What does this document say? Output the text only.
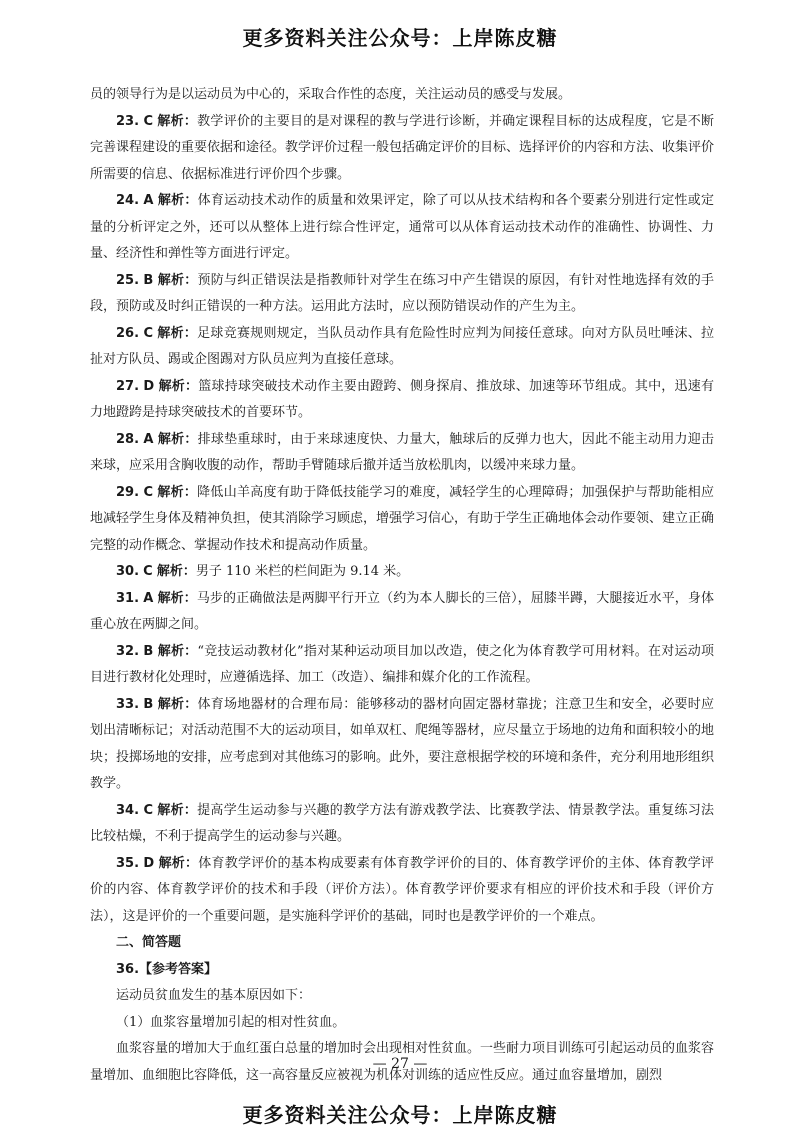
更多资料关注公众号：上岸陈皮糖

员的领导行为是以运动员为中心的，采取合作性的态度，关注运动员的感受与发展。

23. C 解析：教学评价的主要目的是对课程的教与学进行诊断，并确定课程目标的达成程度，它是不断完善课程建设的重要依据和途径。教学评价过程一般包括确定评价的目标、选择评价的内容和方法、收集评价所需要的信息、依据标准进行评价四个步骤。

24. A 解析：体育运动技术动作的质量和效果评定，除了可以从技术结构和各个要素分别进行定性或定量的分析评定之外，还可以从整体上进行综合性评定，通常可以从体育运动技术动作的准确性、协调性、力量、经济性和弹性等方面进行评定。

25. B 解析：预防与纠正错误法是指教师针对学生在练习中产生错误的原因，有针对性地选择有效的手段，预防或及时纠正错误的一种方法。运用此方法时，应以预防错误动作的产生为主。

26. C 解析：足球竞赛规则规定，当队员动作具有危险性时应判为间接任意球。向对方队员吐唾沫、拉扯对方队员、踢或企图踢对方队员应判为直接任意球。

27. D 解析：篮球持球突破技术动作主要由蹬跨、侧身探肩、推放球、加速等环节组成。其中，迅速有力地蹬跨是持球突破技术的首要环节。

28. A 解析：排球垫重球时，由于来球速度快、力量大，触球后的反弹力也大，因此不能主动用力迎击来球，应采用含胸收腹的动作，帮助手臂随球后撤并适当放松肌肉，以缓冲来球力量。

29. C 解析：降低山羊高度有助于降低技能学习的难度，减轻学生的心理障碍；加强保护与帮助能相应地减轻学生身体及精神负担，使其消除学习顾虑，增强学习信心，有助于学生正确地体会动作要领、建立正确完整的动作概念、掌握动作技术和提高动作质量。

30. C 解析：男子 110 米栏的栏间距为 9.14 米。

31. A 解析：马步的正确做法是两脚平行开立（约为本人脚长的三倍），屈膝半蹲，大腿接近水平，身体重心放在两脚之间。

32. B 解析：“竞技运动教材化”指对某种运动项目加以改造，使之化为体育教学可用材料。在对运动项目进行教材化处理时，应遵循选择、加工（改造）、编排和媒介化的工作流程。

33. B 解析：体育场地器材的合理布局：能够移动的器材向固定器材靠拢；注意卫生和安全，必要时应划出清晰标记；对活动范围不大的运动项目，如单双杠、爬绳等器材，应尽量立于场地的边角和面积较小的地块；投掷场地的安排，应考虑到对其他练习的影响。此外，要注意根据学校的环境和条件，充分利用地形组织教学。

34. C 解析：提高学生运动参与兴趣的教学方法有游戏教学法、比赛教学法、情景教学法。重复练习法比较枯燥，不利于提高学生的运动参与兴趣。

35. D 解析：体育教学评价的基本构成要素有体育教学评价的目的、体育教学评价的主体、体育教学评价的内容、体育教学评价的技术和手段（评价方法）。体育教学评价要求有相应的评价技术和手段（评价方法），这是评价的一个重要问题，是实施科学评价的基础，同时也是教学评价的一个难点。

二、简答题

36.【参考答案】

运动员贫血发生的基本原因如下：

（1）血浆容量增加引起的相对性贫血。

血浆容量的增加大于血红蛋白总量的增加时会出现相对性贫血。一些耐力项目训练可引起运动员的血浆容量增加、血细胞比容降低，这一高容量反应被视为机体对训练的适应性反应。通过血容量增加，剧烈

— 27 —
更多资料关注公众号：上岸陈皮糖
